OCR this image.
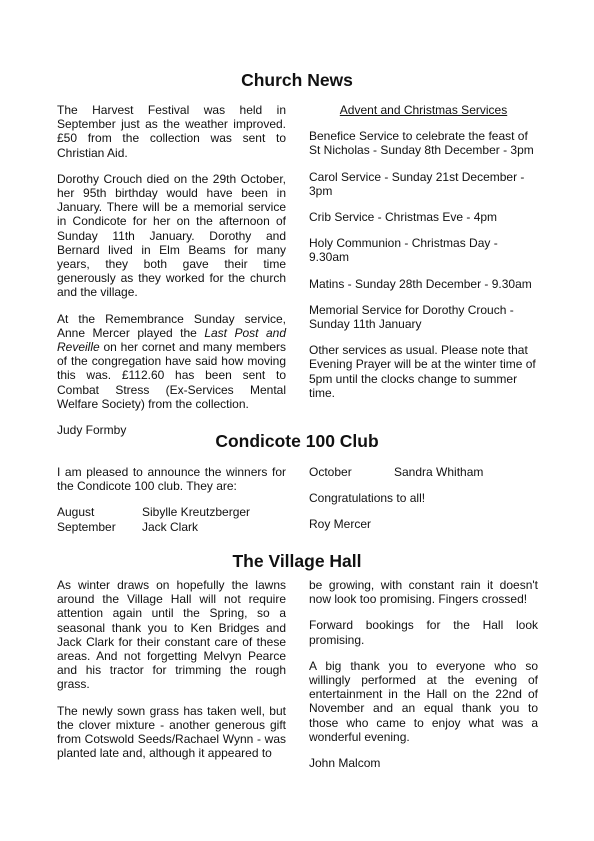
Church News

The Harvest Festival was held in September just as the weather improved. £50 from the collection was sent to Christian Aid.

Dorothy Crouch died on the 29th October, her 95th birthday would have been in January. There will be a memorial service in Condicote for her on the afternoon of Sunday 11th January. Dorothy and Bernard lived in Elm Beams for many years, they both gave their time generously as they worked for the church and the village.

At the Remembrance Sunday service, Anne Mercer played the Last Post and Reveille on her cornet and many members of the congregation have said how moving this was. £112.60 has been sent to Combat Stress (Ex-Services Mental Welfare Society) from the collection.

Judy Formby

Advent and Christmas Services

Benefice Service to celebrate the feast of St Nicholas - Sunday 8th December - 3pm

Carol Service - Sunday 21st December - 3pm

Crib Service - Christmas Eve - 4pm

Holy Communion - Christmas Day - 9.30am

Matins - Sunday 28th December - 9.30am

Memorial Service for Dorothy Crouch - Sunday 11th January

Other services as usual. Please note that Evening Prayer will be at the winter time of 5pm until the clocks change to summer time.

Condicote 100 Club

I am pleased to announce the winners for the Condicote 100 club. They are:

August	Sibylle Kreutzberger
September	Jack Clark
October	Sandra Whitham

Congratulations to all!

Roy Mercer

The Village Hall

As winter draws on hopefully the lawns around the Village Hall will not require attention again until the Spring, so a seasonal thank you to Ken Bridges and Jack Clark for their constant care of these areas. And not forgetting Melvyn Pearce and his tractor for trimming the rough grass.

The newly sown grass has taken well, but the clover mixture - another generous gift from Cotswold Seeds/Rachael Wynn - was planted late and, although it appeared to

be growing, with constant rain it doesn't now look too promising. Fingers crossed!

Forward bookings for the Hall look promising.

A big thank you to everyone who so willingly performed at the evening of entertainment in the Hall on the 22nd of November and an equal thank you to those who came to enjoy what was a wonderful evening.

John Malcom
